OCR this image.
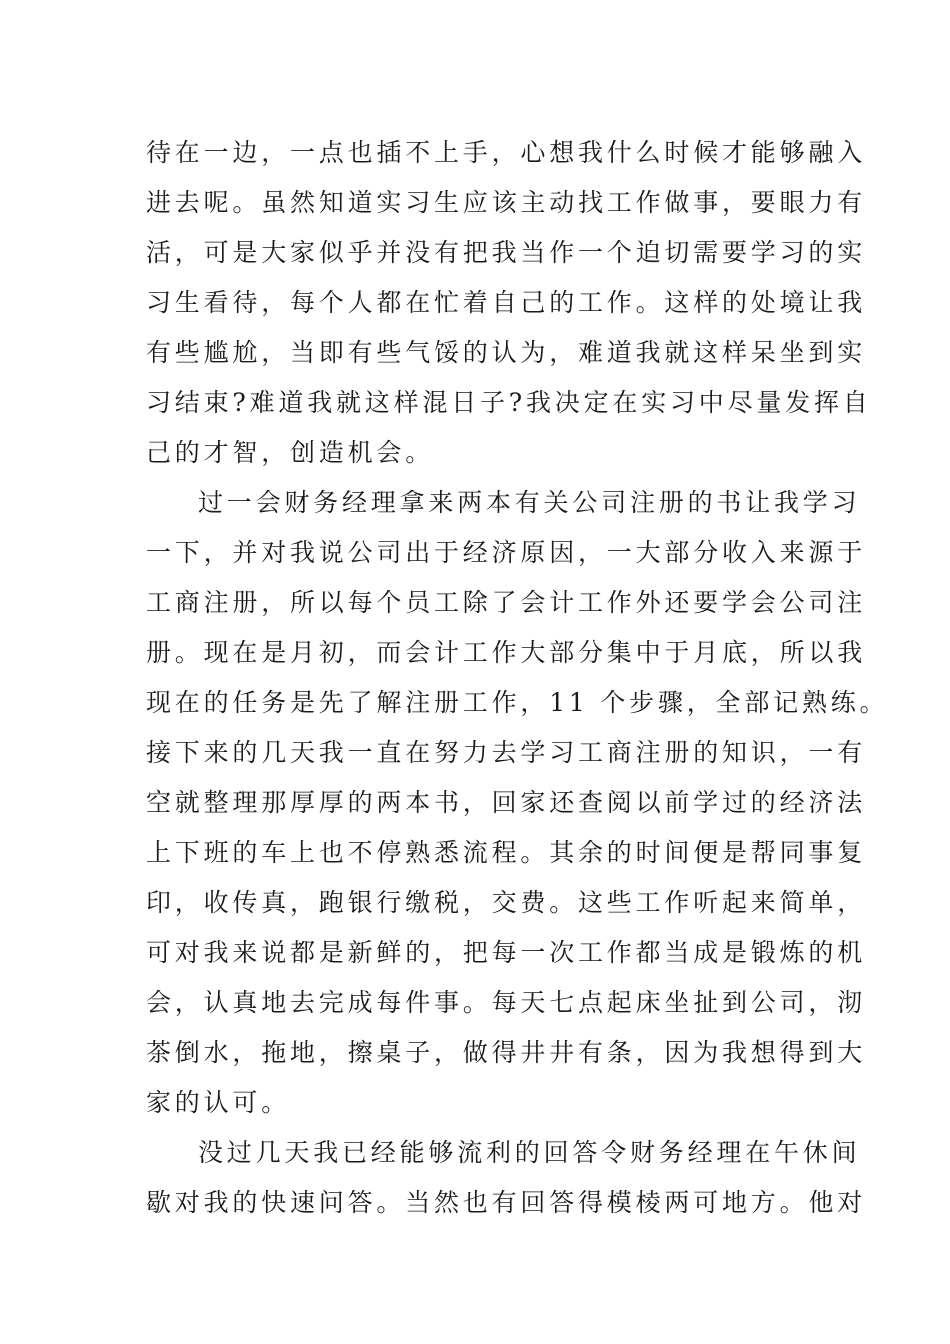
待在一边，一点也插不上手，心想我什么时候才能够融入
进去呢。虽然知道实习生应该主动找工作做事，要眼力有
活，可是大家似乎并没有把我当作一个迫切需要学习的实
习生看待，每个人都在忙着自己的工作。这样的处境让我
有些尴尬，当即有些气馁的认为，难道我就这样呆坐到实
习结束?难道我就这样混日子?我决定在实习中尽量发挥自
己的才智，创造机会。
过一会财务经理拿来两本有关公司注册的书让我学习
一下，并对我说公司出于经济原因，一大部分收入来源于
工商注册，所以每个员工除了会计工作外还要学会公司注
册。现在是月初，而会计工作大部分集中于月底，所以我
现在的任务是先了解注册工作，11 个步骤，全部记熟练。
接下来的几天我一直在努力去学习工商注册的知识，一有
空就整理那厚厚的两本书，回家还查阅以前学过的经济法
上下班的车上也不停熟悉流程。其余的时间便是帮同事复
印，收传真，跑银行缴税，交费。这些工作听起来简单，
可对我来说都是新鲜的，把每一次工作都当成是锻炼的机
会，认真地去完成每件事。每天七点起床坐扯到公司，沏
茶倒水，拖地，擦桌子，做得井井有条，因为我想得到大
家的认可。
没过几天我已经能够流利的回答令财务经理在午休间
歇对我的快速问答。当然也有回答得模棱两可地方。他对
